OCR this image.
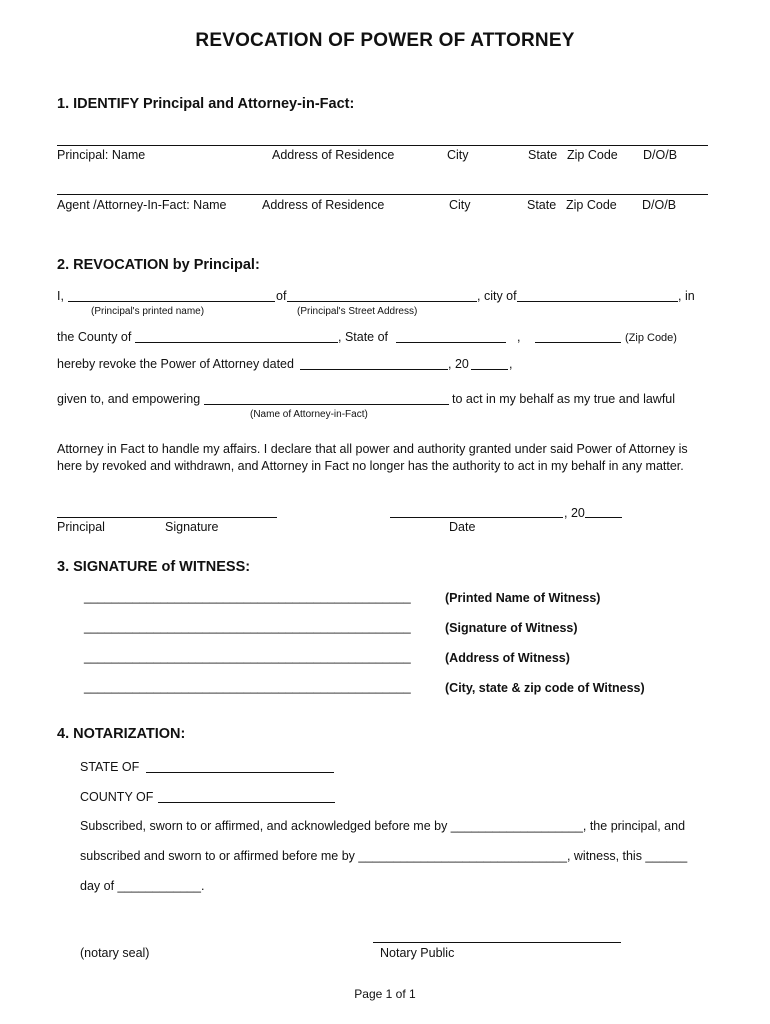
REVOCATION OF POWER OF ATTORNEY
1. IDENTIFY Principal and Attorney-in-Fact:
Principal: Name	Address of Residence	City	State Zip Code D/O/B
Agent /Attorney-In-Fact: Name	Address of Residence	City	State Zip Code D/O/B
2. REVOCATION by Principal:
I,	of	, city of	, in
(Principal's printed name)	(Principal's Street Address)
the County of	, State of	,	(Zip Code)
hereby revoke the Power of Attorney dated	, 20	,
given to, and empowering	to act in my behalf as my true and lawful
(Name of Attorney-in-Fact)
Attorney in Fact to handle my affairs. I declare that all power and authority granted under said Power of Attorney is
here by revoked and withdrawn, and Attorney in Fact no longer has the authority to act in my behalf in any matter.
Principal	Signature
, 20
Date
3. SIGNATURE of WITNESS:
_______________________________________________	(Printed Name of Witness)
_______________________________________________	(Signature of Witness)
_______________________________________________	(Address of Witness)
_______________________________________________	(City, state & zip code of Witness)
4. NOTARIZATION:
STATE OF
COUNTY OF
Subscribed, sworn to or affirmed, and acknowledged before me by ___________________, the principal, and
subscribed and sworn to or affirmed before me by ______________________________, witness, this ______
day of ____________.
(notary seal)	Notary Public
Page 1 of 1
